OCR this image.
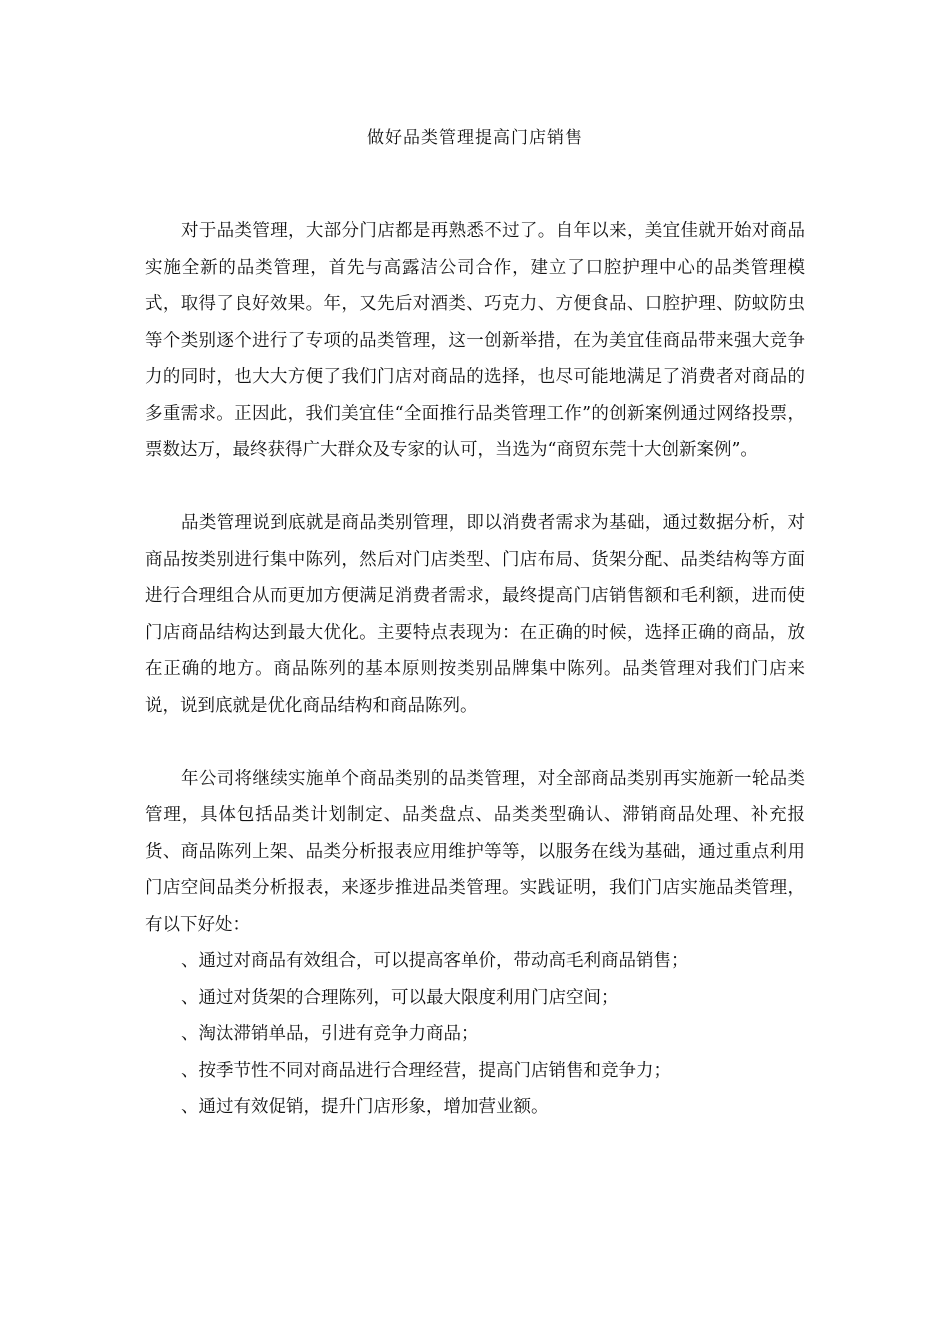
做好品类管理提高门店销售

对于品类管理，大部分门店都是再熟悉不过了。自年以来，美宜佳就开始对商品实施全新的品类管理，首先与高露洁公司合作，建立了口腔护理中心的品类管理模式，取得了良好效果。年，又先后对酒类、巧克力、方便食品、口腔护理、防蚊防虫等个类别逐个进行了专项的品类管理，这一创新举措，在为美宜佳商品带来强大竞争力的同时，也大大方便了我们门店对商品的选择，也尽可能地满足了消费者对商品的多重需求。正因此，我们美宜佳“全面推行品类管理工作”的创新案例通过网络投票，票数达万，最终获得广大群众及专家的认可，当选为“商贸东莞十大创新案例”。

品类管理说到底就是商品类别管理，即以消费者需求为基础，通过数据分析，对商品按类别进行集中陈列，然后对门店类型、门店布局、货架分配、品类结构等方面进行合理组合从而更加方便满足消费者需求，最终提高门店销售额和毛利额，进而使门店商品结构达到最大优化。主要特点表现为：在正确的时候，选择正确的商品，放在正确的地方。商品陈列的基本原则按类别品牌集中陈列。品类管理对我们门店来说，说到底就是优化商品结构和商品陈列。

年公司将继续实施单个商品类别的品类管理，对全部商品类别再实施新一轮品类管理，具体包括品类计划制定、品类盘点、品类类型确认、滞销商品处理、补充报货、商品陈列上架、品类分析报表应用维护等等，以服务在线为基础，通过重点利用门店空间品类分析报表，来逐步推进品类管理。实践证明，我们门店实施品类管理，有以下好处：

、通过对商品有效组合，可以提高客单价，带动高毛利商品销售；
、通过对货架的合理陈列，可以最大限度利用门店空间；
、淘汰滞销单品，引进有竞争力商品；
、按季节性不同对商品进行合理经营，提高门店销售和竞争力；
、通过有效促销，提升门店形象，增加营业额。
